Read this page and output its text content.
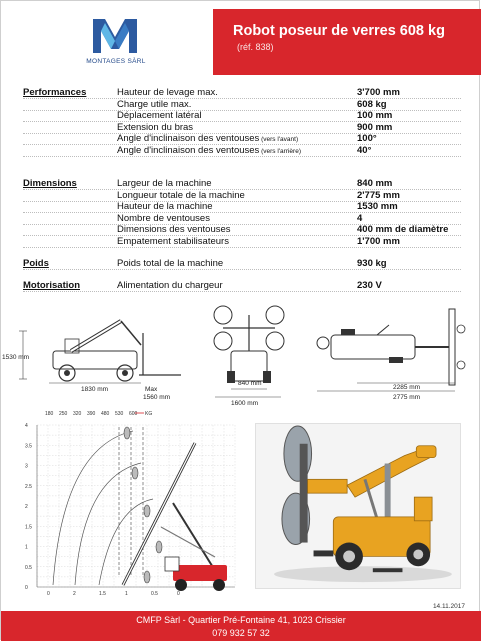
MONTAGES SÀRL
Robot poseur de verres 608 kg
(réf. 838)
Performances	Hauteur de levage max.	3'700 mm
Charge utile max.	608 kg
Déplacement latéral	100 mm
Extension du bras	900 mm
Angle d'inclinaison des ventouses (vers l'avant)	100°
Angle d'inclinaison des ventouses (vers l'arrière)	40°
Dimensions	Largeur de la machine	840 mm
Longueur totale de la machine	2'775 mm
Hauteur de la machine	1530 mm
Nombre de ventouses	4
Dimensions des ventouses	400 mm de diamètre
Empatement stabilisateurs	1'700 mm
Poids	Poids total de la machine	930 kg
Motorisation	Alimentation du chargeur	230 V
1530 mm
1830 mm	Max
1560 mm
840 mm
1600 mm
2285 mm
2775 mm
180 250 320 390 480 530 600 KG
4
3.5
3
2.5
2
1.5
1
0.5
0
0	2	1.5	1	0.5	0
14.11.2017
CMFP Sàrl - Quartier Pré-Fontaine 41, 1023 Crissier
079 932 57 32
